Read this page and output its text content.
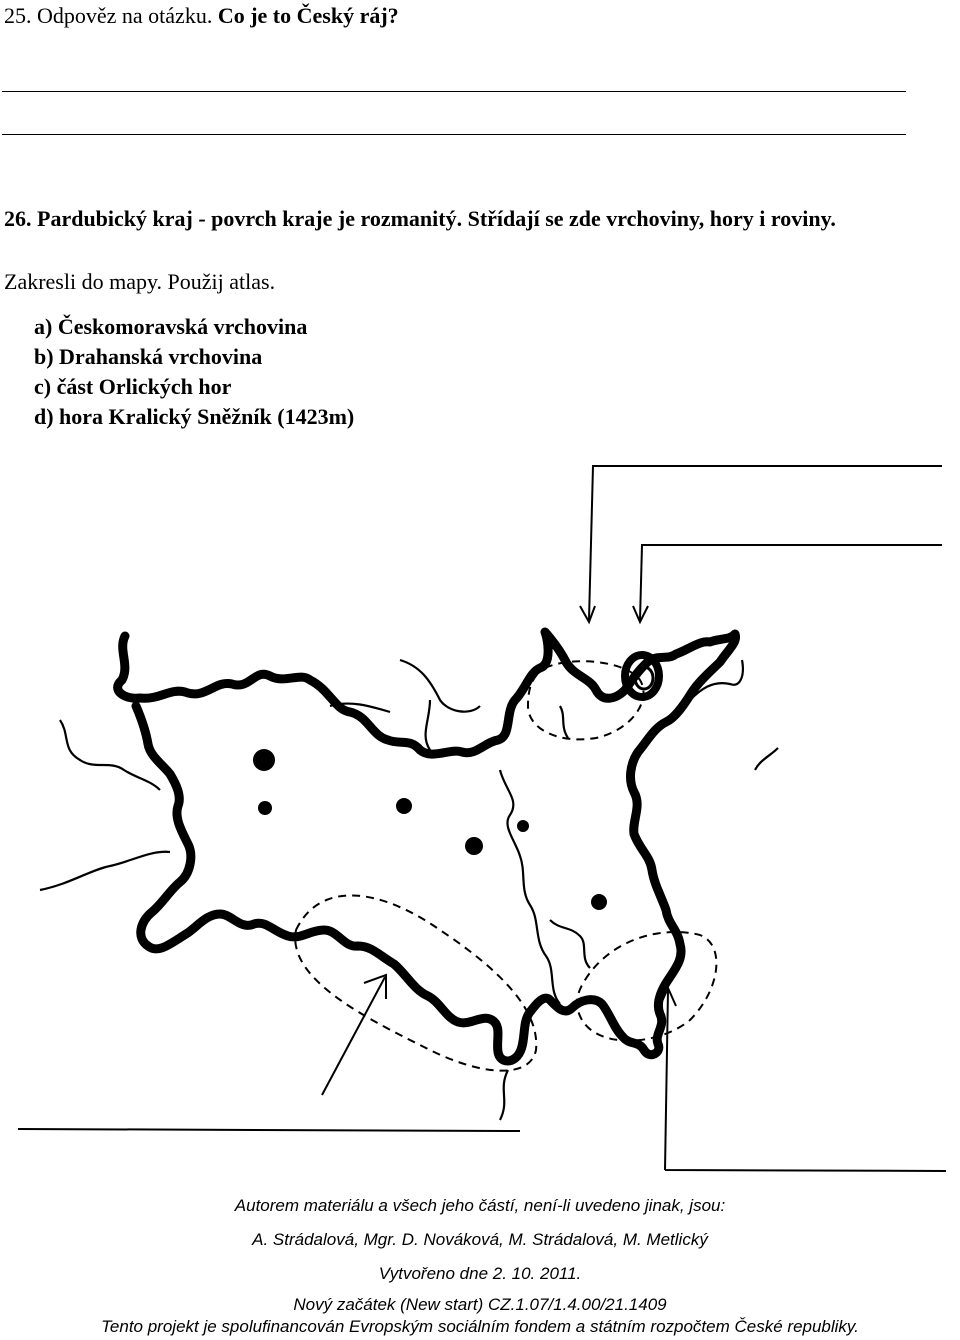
25. Odpověz na otázku. Co je to Český ráj?
26. Pardubický kraj - povrch kraje je rozmanitý. Střídají se zde vrchoviny, hory i roviny.
Zakresli do mapy. Použij atlas.
a) Českomoravská vrchovina
b) Drahanská vrchovina
c) část Orlických hor
d) hora Kralický Sněžník (1423m)
Autorem materiálu a všech jeho částí, není-li uvedeno jinak, jsou:
A. Strádalová, Mgr. D. Nováková, M. Strádalová, M. Metlický
Vytvořeno dne 2. 10. 2011.
Nový začátek (New start) CZ.1.07/1.4.00/21.1409
Tento projekt je spolufinancován Evropským sociálním fondem a státním rozpočtem České republiky.
